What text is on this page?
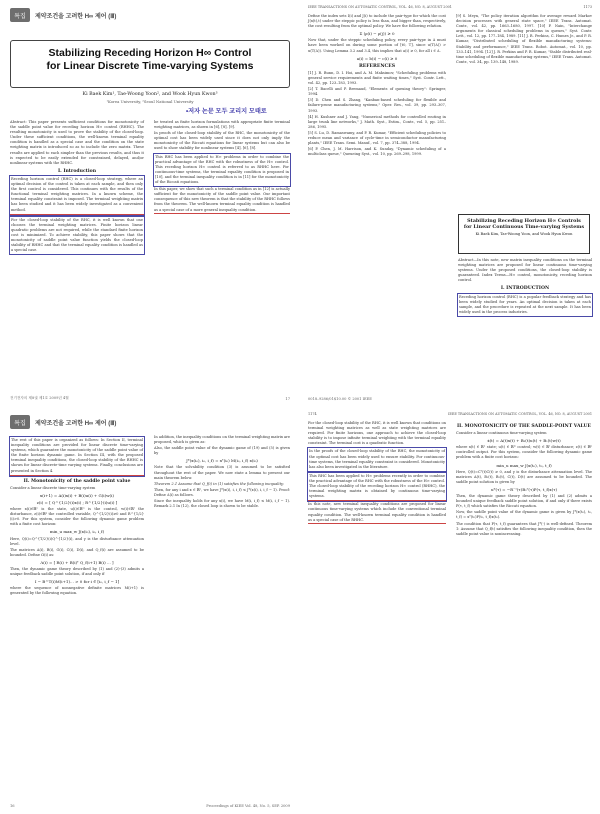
특집	제약조건을 고려한 H∞ 제어 (Ⅲ)
Stabilizing Receding Horizon H∞ Control
for Linear Discrete Time-varying Systems
Ki Baek Kim¹, Tae-Woong Yoon², and Wook Hyun Kwon³
¹Korea University, ²Seoul National University
•저자 논문 모두 교리지 모태로

Abstract: This paper presents sufficient conditions for monotonicity of the saddle point value for receding horizon H∞ control (RHHC). The resulting monotonicity is used to prove the stability of the closed-loop. Under these sufficient conditions, the well-known terminal equality condition is handled as a special case and the condition on the state weighting matrix is introduced so as to include the zero matrix. These results are applied to each simpler than the previous results, and thus it is expected to be easily extended for constrained, delayed, and/or nonlinear systems with the RHHC.

I. Introduction

Receding horizon control (RHC) is a closed-loop strategy, where an optimal decision of the control is taken at each sample, and then only the first control is considered. This continues with the results of the functional terminal weighting matrices. In a known scheme, the terminal equality constraint is imposed. The terminal weighting matrix has been studied and it has been widely investigated as a convenient method.

For the closed-loop stability of the RHC, it is well known that one chooses the terminal weighting matrices. Finite horizon linear quadratic problems are not required, while the standard finite horizon cost is minimized. To achieve stability, this paper shows that the monotonicity of saddle point value function yields the closed-loop stability of RHHC and that the terminal equality condition is handled as a special case.

be treated as finite horizon formulations with appropriate finite terminal weighting matrices, as shown in [6], [8], [9].

In proofs of the closed-loop stability of the RHC, the monotonicity of the optimal cost has been widely used since it does not only imply the monotonicity of the Riccati equations for linear systems but can also be used to show stability for nonlinear systems [4], [6], [8].

This RHC has been applied to H∞ problems in order to combine the practical advantage of the RHC with the robustness of the H∞ control. This receding horizon H∞ control is referred to as RHHC here. For continuous-time systems, the terminal equality condition is proposed in [10], and the terminal inequality condition is in [11] for the monotonicity of the Riccati equations.

In this paper, we show that such a terminal condition as in [12] is actually sufficient for the monotonicity of the saddle point value. Our important consequence of this new theorem is that the stability of the RHHC follows from the theorem. The well-known terminal equality condition is handled as a special case of a more general inequality condition.

전기전자의 제8권 제1호 2009년 4월	17
IEEE TRANSACTIONS ON AUTOMATIC CONTROL, VOL. 46, NO. 8, AUGUST 2001	1173

Define the index sets I(i) and J(i) to include the pair-type for which the cost J(x(t),t) under the steppic policy is less than, and bigger than, respectively, the cost resulting from the optimal policy. We have the following relation.

Σ (ρ(i) − ρ(j)) ≥ 0

Now that, under the steppic scheduling policy, every pair-type in Δ must have been worked on during some portion of [t0, T], since u(T(Δ)) > u(T(Δ)). Using Lemma 3.2 and 3.4, this implies that a(i) ≥ 0, for all i ∈ Δ.

a(i) = b(i) − c(i) ≥ 0
REFERENCES

[1] J. R. Bunn, D. I. Hoi, and A. M. Maksimov, "Scheduling problems with general service requirements and finite waiting times," Syst. Contr. Lett., vol. 42, pp. 123–183, 1993.

[2] T. Bacelli and P. Bremaud, "Elements of queuing theory": Springer, 1994.

[3] D. Chen and S. Zhang, "Kanban-based scheduling for flexible and failure-prone manufacturing systems," Oper. Res., vol. 39, pp. 293–307, 1993.

[4] H. Kushner and J. Yang, "Numerical methods for controlled routing in large trunk line networks," J. Math. Syst., Estim., Contr., vol. 5, pp. 251–286, 1995.

[5] S. Lu, D. Ramaswamy, and P. R. Kumar, "Efficient scheduling policies to reduce mean and variance of cycle-time in semiconductor manufacturing plants," IEEE Trans. Semi. Manuf., vol. 7, pp. 374–388, 1994.

[6] P. Chen, J. M. Harrison, and K. Sunday, "Dynamic scheduling of a multiclass queue," Queueing Syst., vol. 10, pp. 269–298, 1999.

[9] S. Meyn, "The policy iteration algorithm for average reward Markov decision processes with general state space," IEEE Trans. Automat. Contr., vol. 42, pp. 1663–1680, 1997. [10] P. Nain, "Interchange arguments for classical scheduling problems in queues," Syst. Contr. Lett., vol. 12, pp. 177–184, 1989. [11] J. R. Perkins, C. Humes Jr., and P. R. Kumar, "Distributed scheduling of flexible manufacturing systems: Stability and performance," IEEE Trans. Robot. Automat., vol. 10, pp. 133–141, 1994. [12] J. R. Perkins and P. R. Kumar, "Stable distributed real-time scheduling of flexible manufacturing systems," IEEE Trans. Automat. Contr., vol. 34, pp. 139–148, 1989.

Stabilizing Receding Horizon H∞ Controls for Linear Continuous Time-varying Systems
Ki Baek Kim, Tae-Woong Yoon, and Wook Hyun Kwon

Abstract—In this note, new matrix inequality conditions on the terminal weighting matrices are proposed for linear continuous time-varying systems. Under the proposed conditions, the closed-loop stability is guaranteed. Index Terms—H∞ control, monotonicity, receding horizon control.

I. INTRODUCTION

Receding horizon control (RHC) is a popular feedback strategy and has been widely studied for years. An optimal decision is taken at each sample, and the procedure is repeated at the next sample. It has been widely used in the process industries.

0018–9286/01$10.00 © 2001 IEEE
특집	제약조건을 고려한 H∞ 제어 (Ⅲ)

The rest of this paper is organized as follows: In Section II, terminal inequality conditions are provided for linear discrete time-varying systems, which guarantee the monotonicity of the saddle point value of the finite horizon dynamic game. In Section III, with the proposed terminal inequality conditions, the closed-loop stability of the RHHC is shown for linear discrete-time varying systems. Finally, conclusions are presented in Section 4.

II. Monotonicity of the saddle point value

Consider a linear discrete time-varying system

x(i+1) = A(i)x(i) + B(i)u(i) + G(i)w(i)
z(i) = [ Q^{1/2}(i)x(i) ; R^{1/2}(i)u(i) ]

where x(i)∈ℝⁿ is the state, u(i)∈ℝᵐ is the control, w(i)∈ℝˡ the disturbance, z(i)∈ℝᵖ the controlled variable, Q^{1/2}(i)≥0 and R^{1/2}(i)>0. For this system, consider the following dynamic game problem with a finite cost horizon:

min_u max_w J(x(i₀), i₀, i_f)

Here, Q(i)=Q^{T/2}(i)Q^{1/2}(i), and γ is the disturbance attenuation level.

The matrices A(i), B(i), G(i), C(i), D(i), and Q_f(i) are assumed to be bounded. Define Ω(i) as:

Λ(i) = [ R(i) + B(i)ᵀ Q_f(i+1) B(i) ... ]

Then, the dynamic game theory described by (1) and (2)-(3) admits a unique feedback saddle point solution, if and only if

I − B^T(i)M(i+1)... > 0 for i ∈ [i₀, i_f − 1]

where the sequence of nonnegative definite matrices M(i+1) is generated by the following equation.

In addition, the inequality conditions on the terminal weighting matrix are proposed, which is given as:

Also, the saddle point value of the dynamic game of (19) and (5) is given by

J*(x(i₀), i₀, i_f) = xᵀ(i₀) M(i₀, i_f) x(i₀)

Note that the solvability condition (3) is assumed to be satisfied throughout the rest of the paper. We now state a lemma to present our main theorem below.

Theorem 2.1 Assume that Q_f(i) in (1) satisfies the following inequality:

Then, for any i and x ∈ ℝⁿ, we have J*(x(i), i, i_f) ≤ J*(x(i), i, i_f − 1). Proof: Define Δ(i) as follows.

Since the inequality holds for any x(i), we have M(i, i_f) ≤ M(i, i_f − 1). Remark 2.1 In (12), the closed loop is shown to be stable.

16	Proceedings of KIEE Vol. 48, No. 5, SEP. 2009
1174	IEEE TRANSACTIONS ON AUTOMATIC CONTROL, VOL. 46, NO. 8, AUGUST 2001

For the closed-loop stability of the RHC, it is well known that conditions on terminal weighting matrices as well as state weighting matrices are required. For finite horizons, one approach to achieve the closed-loop stability is to impose infinite terminal weighting with the terminal equality constraint. The terminal cost is a quadratic function.

In the proofs of the closed-loop stability of the RHC, the monotonicity of the optimal cost has been widely used to ensure stability. For continuous-time systems, the terminal equality constraint is considered. Monotonicity has also been investigated in the literature.

This RHC has been applied to H∞ problems recently in order to combine the practical advantage of the RHC with the robustness of the H∞ control. The closed-loop stability of the receding horizon H∞ control (RHHC), the terminal weighting matrix is obtained by continuous time-varying systems.

In this note, new terminal inequality conditions are proposed for linear continuous time-varying systems which include the conventional terminal equality condition. The well-known terminal equality condition is handled as a special case of the RHHC.

II. MONOTONICITY OF THE SADDLE-POINT VALUE

Consider a linear continuous time-varying system

ẋ(t) = A(t)x(t) + B₂(t)u(t) + B₁(t)w(t)

where x(t) ∈ ℝⁿ state; u(t) ∈ ℝᵐ control; w(t) ∈ ℝˡ disturbance; z(t) ∈ ℝᵖ controlled output. For this system, consider the following dynamic game problem with a finite cost horizon:

min_u max_w J(x(t₀), t₀, t_f)

Here, Q(t)=Cᵀ(t)C(t) ≥ 0, and γ is the disturbance attenuation level. The matrices A(t), B₁(t), B₂(t), C(t), D(t) are assumed to be bounded. The saddle point solution is given by

u*(τ) = −R⁻¹(τ)B₂ᵀ(τ)P(τ, t_f)x(τ)

Then, the dynamic game theory described by (1) and (2) admits a bounded unique feedback saddle point solution, if and only if there exists P(τ, t_f) which satisfies the Riccati equation.

Now, the saddle point value of the dynamic game is given by J*(x(t₀), t₀, t_f) = xᵀ(t₀)P(t₀, t_f)x(t₀).

The condition that P(τ, t_f) guarantees that J*(·) is well-defined. Theorem 1: Assume that Q_f(t) satisfies the following inequality condition, then the saddle point value is nonincreasing.
